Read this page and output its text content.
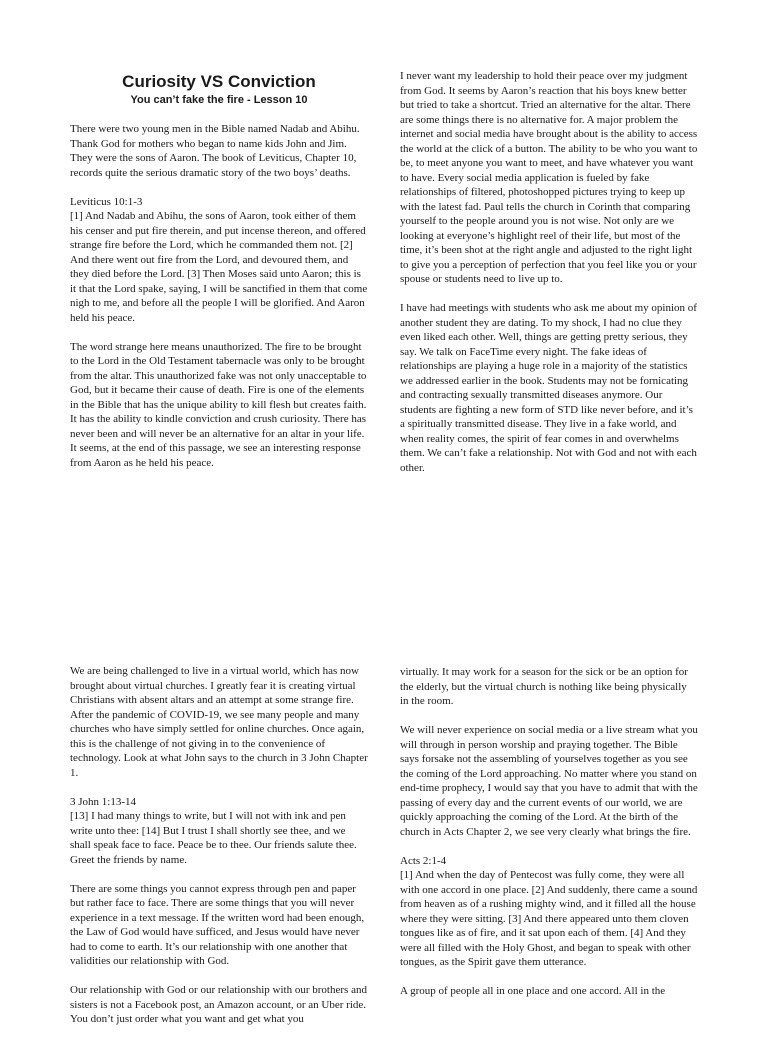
Curiosity VS Conviction
You can’t fake the fire - Lesson 10

There were two young men in the Bible named Nadab and Abihu. Thank God for mothers who began to name kids John and Jim. They were the sons of Aaron. The book of Leviticus, Chapter 10, records quite the serious dramatic story of the two boys’ deaths.

Leviticus 10:1-3
[1] And Nadab and Abihu, the sons of Aaron, took either of them his censer and put fire therein, and put incense thereon, and offered strange fire before the Lord, which he commanded them not. [2] And there went out fire from the Lord, and devoured them, and they died before the Lord. [3] Then Moses said unto Aaron; this is it that the Lord spake, saying, I will be sanctified in them that come nigh to me, and before all the people I will be glorified. And Aaron held his peace.

The word strange here means unauthorized. The fire to be brought to the Lord in the Old Testament tabernacle was only to be brought from the altar. This unauthorized fake was not only unacceptable to God, but it became their cause of death. Fire is one of the elements in the Bible that has the unique ability to kill flesh but creates faith. It has the ability to kindle conviction and crush curiosity. There has never been and will never be an alternative for an altar in your life. It seems, at the end of this passage, we see an interesting response from Aaron as he held his peace.

I never want my leadership to hold their peace over my judgment from God. It seems by Aaron’s reaction that his boys knew better but tried to take a shortcut. Tried an alternative for the altar. There are some things there is no alternative for. A major problem the internet and social media have brought about is the ability to access the world at the click of a button. The ability to be who you want to be, to meet anyone you want to meet, and have whatever you want to have. Every social media application is fueled by fake relationships of filtered, photoshopped pictures trying to keep up with the latest fad. Paul tells the church in Corinth that comparing yourself to the people around you is not wise. Not only are we looking at everyone’s highlight reel of their life, but most of the time, it’s been shot at the right angle and adjusted to the right light to give you a perception of perfection that you feel like you or your spouse or students need to live up to.

I have had meetings with students who ask me about my opinion of another student they are dating. To my shock, I had no clue they even liked each other. Well, things are getting pretty serious, they say. We talk on FaceTime every night. The fake ideas of relationships are playing a huge role in a majority of the statistics we addressed earlier in the book. Students may not be fornicating and contracting sexually transmitted diseases anymore. Our students are fighting a new form of STD like never before, and it’s a spiritually transmitted disease. They live in a fake world, and when reality comes, the spirit of fear comes in and overwhelms them. We can’t fake a relationship. Not with God and not with each other.

We are being challenged to live in a virtual world, which has now brought about virtual churches. I greatly fear it is creating virtual Christians with absent altars and an attempt at some strange fire. After the pandemic of COVID-19, we see many people and many churches who have simply settled for online churches. Once again, this is the challenge of not giving in to the convenience of technology. Look at what John says to the church in 3 John Chapter 1.

3 John 1:13-14
[13] I had many things to write, but I will not with ink and pen write unto thee: [14] But I trust I shall shortly see thee, and we shall speak face to face. Peace be to thee. Our friends salute thee. Greet the friends by name.

There are some things you cannot express through pen and paper but rather face to face. There are some things that you will never experience in a text message. If the written word had been enough, the Law of God would have sufficed, and Jesus would have never had to come to earth. It’s our relationship with one another that validities our relationship with God.

Our relationship with God or our relationship with our brothers and sisters is not a Facebook post, an Amazon account, or an Uber ride. You don’t just order what you want and get what you

virtually. It may work for a season for the sick or be an option for the elderly, but the virtual church is nothing like being physically in the room.

We will never experience on social media or a live stream what you will through in person worship and praying together. The Bible says forsake not the assembling of yourselves together as you see the coming of the Lord approaching. No matter where you stand on end-time prophecy, I would say that you have to admit that with the passing of every day and the current events of our world, we are quickly approaching the coming of the Lord. At the birth of the church in Acts Chapter 2, we see very clearly what brings the fire.

Acts 2:1-4
[1] And when the day of Pentecost was fully come, they were all with one accord in one place. [2] And suddenly, there came a sound from heaven as of a rushing mighty wind, and it filled all the house where they were sitting. [3] And there appeared unto them cloven tongues like as of fire, and it sat upon each of them. [4] And they were all filled with the Holy Ghost, and began to speak with other tongues, as the Spirit gave them utterance.

A group of people all in one place and one accord. All in the
